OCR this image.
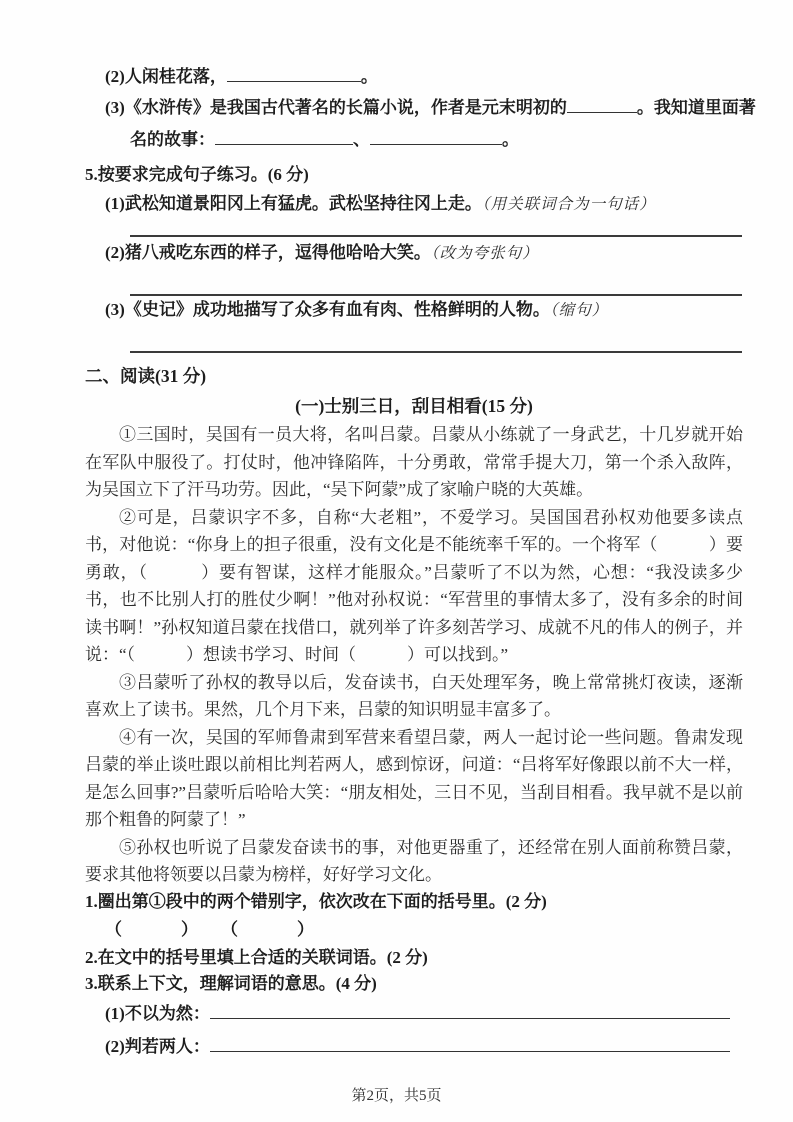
(2)人闲桂花落，	。
(3)《水浒传》是我国古代著名的长篇小说，作者是元末明初的	。我知道里面著
名的故事：	、	。
5.按要求完成句子练习。(6 分)
(1)武松知道景阳冈上有猛虎。武松坚持往冈上走。（用关联词合为一句话）
(2)猪八戒吃东西的样子，逗得他哈哈大笑。（改为夸张句）
(3)《史记》成功地描写了众多有血有肉、性格鲜明的人物。（缩句）
二、阅读(31 分)
(一)士别三日，刮目相看(15 分)

①三国时，吴国有一员大将，名叫吕蒙。吕蒙从小练就了一身武艺，十几岁就开始在军队中服役了。打仗时，他冲锋陷阵，十分勇敢，常常手提大刀，第一个杀入敌阵，为吴国立下了汗马功劳。因此，“吴下阿蒙”成了家喻户晓的大英雄。

②可是，吕蒙识字不多，自称“大老粗”，不爱学习。吴国国君孙权劝他要多读点书，对他说：“你身上的担子很重，没有文化是不能统率千军的。一个将军（　　　）要勇敢，（　　　）要有智谋，这样才能服众。”吕蒙听了不以为然，心想：“我没读多少书，也不比别人打的胜仗少啊！”他对孙权说：“军营里的事情太多了，没有多余的时间读书啊！”孙权知道吕蒙在找借口，就列举了许多刻苦学习、成就不凡的伟人的例子，并说：“（　　　）想读书学习、时间（　　　）可以找到。”

③吕蒙听了孙权的教导以后，发奋读书，白天处理军务，晚上常常挑灯夜读，逐渐喜欢上了读书。果然，几个月下来，吕蒙的知识明显丰富多了。

④有一次，吴国的军师鲁肃到军营来看望吕蒙，两人一起讨论一些问题。鲁肃发现吕蒙的举止谈吐跟以前相比判若两人，感到惊讶，问道：“吕将军好像跟以前不大一样，是怎么回事?”吕蒙听后哈哈大笑：“朋友相处，三日不见，当刮目相看。我早就不是以前那个粗鲁的阿蒙了！”

⑤孙权也听说了吕蒙发奋读书的事，对他更器重了，还经常在别人面前称赞吕蒙，要求其他将领要以吕蒙为榜样，好好学习文化。

1.圈出第①段中的两个错别字，依次改在下面的括号里。(2 分)
（　　　）　　（　　　）
2.在文中的括号里填上合适的关联词语。(2 分)
3.联系上下文，理解词语的意思。(4 分)
(1)不以为然：
(2)判若两人：
第2页，共5页
